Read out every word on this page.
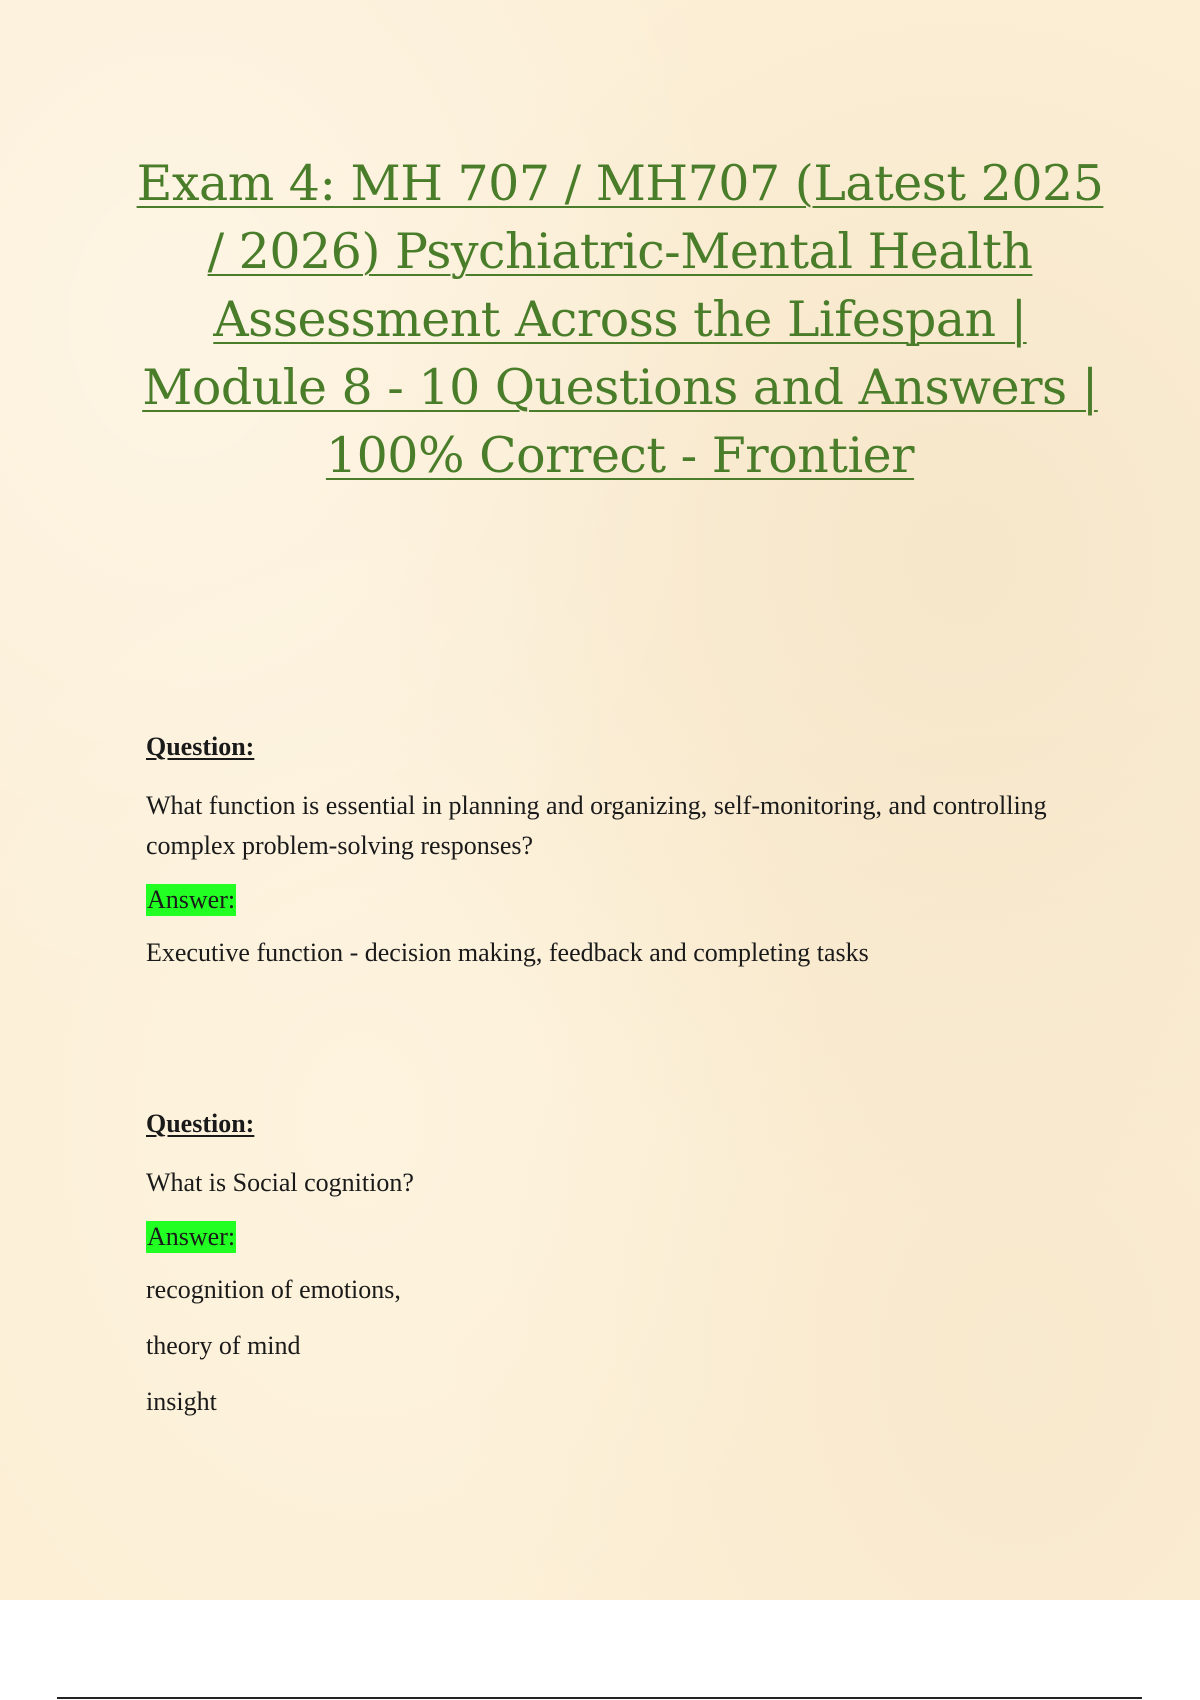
Exam 4: MH 707 / MH707 (Latest 2025 / 2026) Psychiatric-Mental Health Assessment Across the Lifespan | Module 8 - 10 Questions and Answers | 100% Correct - Frontier

Question:

What function is essential in planning and organizing, self-monitoring, and controlling complex problem-solving responses?

Answer:

Executive function - decision making, feedback and completing tasks

Question:

What is Social cognition?

Answer:

recognition of emotions,

theory of mind

insight
